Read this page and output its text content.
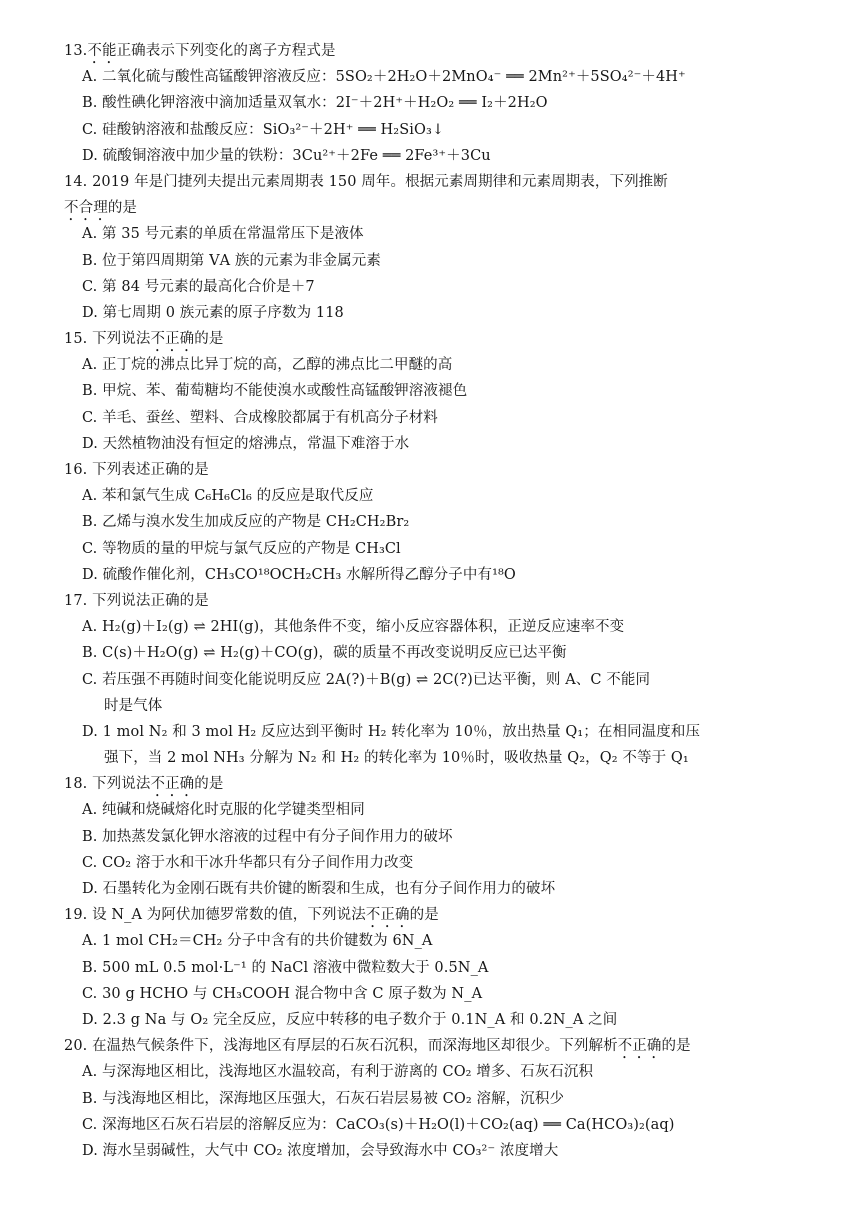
13.不能正确表示下列变化的离子方程式是
A. 二氧化硫与酸性高锰酸钾溶液反应：5SO₂＋2H₂O＋2MnO₄⁻ ══ 2Mn²⁺＋5SO₄²⁻＋4H⁺
B. 酸性碘化钾溶液中滴加适量双氧水：2I⁻＋2H⁺＋H₂O₂ ══ I₂＋2H₂O
C. 硅酸钠溶液和盐酸反应：SiO₃²⁻＋2H⁺ ══ H₂SiO₃↓
D. 硫酸铜溶液中加少量的铁粉：3Cu²⁺＋2Fe ══ 2Fe³⁺＋3Cu
14. 2019 年是门捷列夫提出元素周期表 150 周年。根据元素周期律和元素周期表，下列推断
不合理的是
A. 第 35 号元素的单质在常温常压下是液体
B. 位于第四周期第 ⅤA 族的元素为非金属元素
C. 第 84 号元素的最高化合价是＋7
D. 第七周期 0 族元素的原子序数为 118
15. 下列说法不正确的是
A. 正丁烷的沸点比异丁烷的高，乙醇的沸点比二甲醚的高
B. 甲烷、苯、葡萄糖均不能使溴水或酸性高锰酸钾溶液褪色
C. 羊毛、蚕丝、塑料、合成橡胶都属于有机高分子材料
D. 天然植物油没有恒定的熔沸点，常温下难溶于水
16. 下列表述正确的是
A. 苯和氯气生成 C₆H₆Cl₆ 的反应是取代反应
B. 乙烯与溴水发生加成反应的产物是 CH₂CH₂Br₂
C. 等物质的量的甲烷与氯气反应的产物是 CH₃Cl
D. 硫酸作催化剂，CH₃CO¹⁸OCH₂CH₃ 水解所得乙醇分子中有¹⁸O
17. 下列说法正确的是
A. H₂(g)＋I₂(g) ⇌ 2HI(g)，其他条件不变，缩小反应容器体积，正逆反应速率不变
B. C(s)＋H₂O(g) ⇌ H₂(g)＋CO(g)，碳的质量不再改变说明反应已达平衡
C. 若压强不再随时间变化能说明反应 2A(?)＋B(g) ⇌ 2C(?)已达平衡，则 A、C 不能同
时是气体
D. 1 mol N₂ 和 3 mol H₂ 反应达到平衡时 H₂ 转化率为 10％，放出热量 Q₁；在相同温度和压
强下，当 2 mol NH₃ 分解为 N₂ 和 H₂ 的转化率为 10％时，吸收热量 Q₂，Q₂ 不等于 Q₁
18. 下列说法不正确的是
A. 纯碱和烧碱熔化时克服的化学键类型相同
B. 加热蒸发氯化钾水溶液的过程中有分子间作用力的破坏
C. CO₂ 溶于水和干冰升华都只有分子间作用力改变
D. 石墨转化为金刚石既有共价键的断裂和生成，也有分子间作用力的破坏
19. 设 N_A 为阿伏加德罗常数的值，下列说法不正确的是
A. 1 mol CH₂＝CH₂ 分子中含有的共价键数为 6N_A
B. 500 mL 0.5 mol·L⁻¹ 的 NaCl 溶液中微粒数大于 0.5N_A
C. 30 g HCHO 与 CH₃COOH 混合物中含 C 原子数为 N_A
D. 2.3 g Na 与 O₂ 完全反应，反应中转移的电子数介于 0.1N_A 和 0.2N_A 之间
20. 在温热气候条件下，浅海地区有厚层的石灰石沉积，而深海地区却很少。下列解析不正确的是
A. 与深海地区相比，浅海地区水温较高，有利于游离的 CO₂ 增多、石灰石沉积
B. 与浅海地区相比，深海地区压强大，石灰石岩层易被 CO₂ 溶解，沉积少
C. 深海地区石灰石岩层的溶解反应为：CaCO₃(s)＋H₂O(l)＋CO₂(aq) ══ Ca(HCO₃)₂(aq)
D. 海水呈弱碱性，大气中 CO₂ 浓度增加，会导致海水中 CO₃²⁻ 浓度增大
